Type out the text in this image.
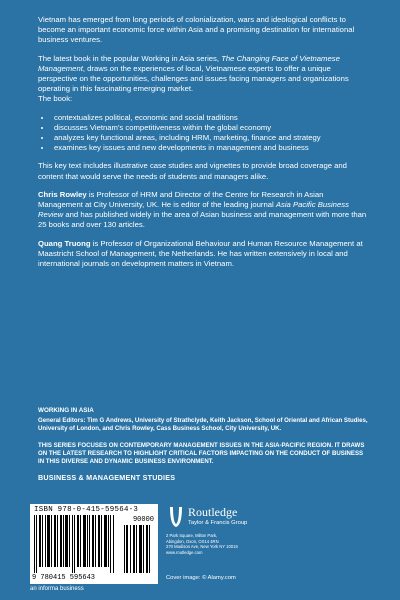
Vietnam has emerged from long periods of colonialization, wars and ideological conflicts to become an important economic force within Asia and a promising destination for international business ventures.

The latest book in the popular Working in Asia series, The Changing Face of Vietnamese Management, draws on the experiences of local, Vietnamese experts to offer a unique perspective on the opportunities, challenges and issues facing managers and organizations operating in this fascinating emerging market.
The book:

• contextualizes political, economic and social traditions
• discusses Vietnam's competitiveness within the global economy
• analyzes key functional areas, including HRM, marketing, finance and strategy
• examines key issues and new developments in management and business

This key text includes illustrative case studies and vignettes to provide broad coverage and content that would serve the needs of students and managers alike.

Chris Rowley is Professor of HRM and Director of the Centre for Research in Asian Management at City University, UK. He is editor of the leading journal Asia Pacific Business Review and has published widely in the area of Asian business and management with more than 25 books and over 130 articles.

Quang Truong is Professor of Organizational Behaviour and Human Resource Management at Maastricht School of Management, the Netherlands. He has written extensively in local and international journals on development matters in Vietnam.

WORKING IN ASIA
General Editors: Tim G Andrews, University of Strathclyde, Keith Jackson, School of Oriental and African Studies, University of London, and Chris Rowley, Cass Business School, City University, UK.
THIS SERIES FOCUSES ON CONTEMPORARY MANAGEMENT ISSUES IN THE ASIA-PACIFIC REGION. IT DRAWS ON THE LATEST RESEARCH TO HIGHLIGHT CRITICAL FACTORS IMPACTING ON THE CONDUCT OF BUSINESS IN THIS DIVERSE AND DYNAMIC BUSINESS ENVIRONMENT.
BUSINESS & MANAGEMENT STUDIES
ISBN 978-0-415-59564-3
90000
9 780415 595643
an informa business
Routledge
Taylor & Francis Group
2 Park Square, Milton Park,
Abingdon, Oxon, OX14 4RN
270 Madison Ave, New York NY 10016
www.routledge.com
Cover image: © Alamy.com
